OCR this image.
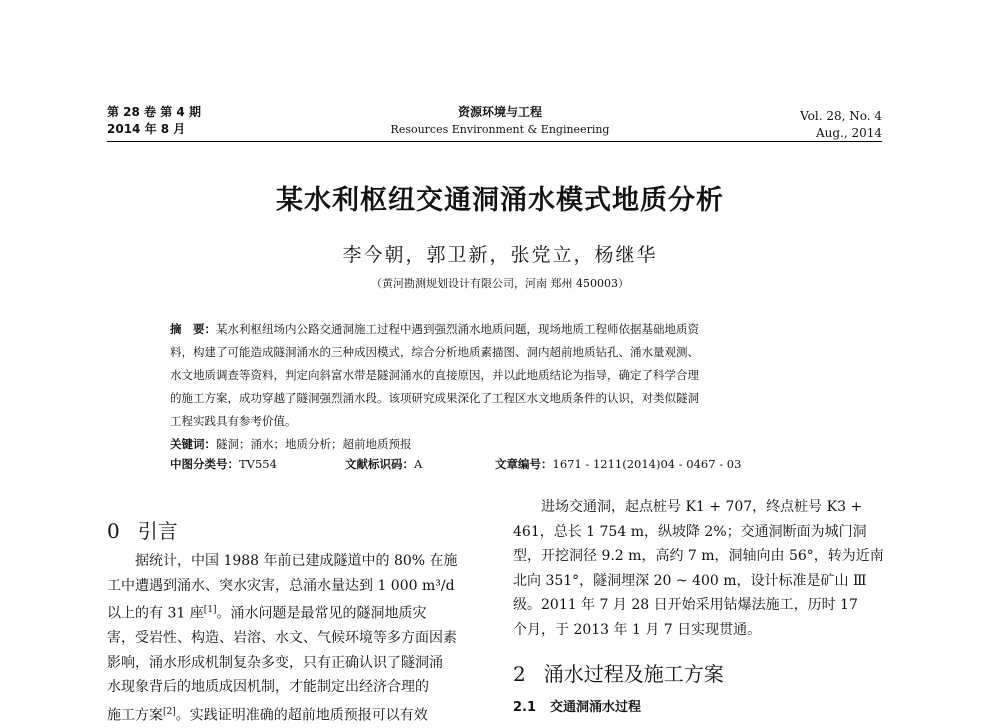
第 28 卷 第 4 期
2014 年 8 月
资源环境与工程
Resources Environment & Engineering
Vol. 28, No. 4
Aug., 2014
某水利枢纽交通洞涌水模式地质分析
李今朝，郭卫新，张党立，杨继华
（黄河勘测规划设计有限公司，河南 郑州 450003）
摘　要：某水利枢纽场内公路交通洞施工过程中遇到强烈涌水地质问题，现场地质工程师依据基础地质资
料，构建了可能造成隧洞涌水的三种成因模式，综合分析地质素描图、洞内超前地质钻孔、涌水量观测、
水文地质调查等资料，判定向斜富水带是隧洞涌水的直接原因，并以此地质结论为指导，确定了科学合理
的施工方案，成功穿越了隧洞强烈涌水段。该项研究成果深化了工程区水文地质条件的认识，对类似隧洞
工程实践具有参考价值。
关键词：隧洞；涌水；地质分析；超前地质预报
中图分类号：TV554	文献标识码：A	文章编号：1671 - 1211(2014)04 - 0467 - 03
0 引言

据统计，中国 1988 年前已建成隧道中的 80% 在施

工中遭遇到涌水、突水灾害，总涌水量达到 1 000 m³/d

以上的有 31 座[1]。涌水问题是最常见的隧洞地质灾

害，受岩性、构造、岩溶、水文、气候环境等多方面因素

影响，涌水形成机制复杂多变，只有正确认识了隧洞涌

水现象背后的地质成因机制，才能制定出经济合理的

施工方案[2]。实践证明准确的超前地质预报可以有效

进场交通洞，起点桩号 K1 + 707，终点桩号 K3 +

461，总长 1 754 m，纵坡降 2%；交通洞断面为城门洞

型，开挖洞径 9.2 m，高约 7 m，洞轴向由 56°，转为近南

北向 351°，隧洞埋深 20 ~ 400 m，设计标准是矿山 Ⅲ

级。2011 年 7 月 28 日开始采用钻爆法施工，历时 17

个月，于 2013 年 1 月 7 日实现贯通。

2 涌水过程及施工方案
2.1 交通洞涌水过程
